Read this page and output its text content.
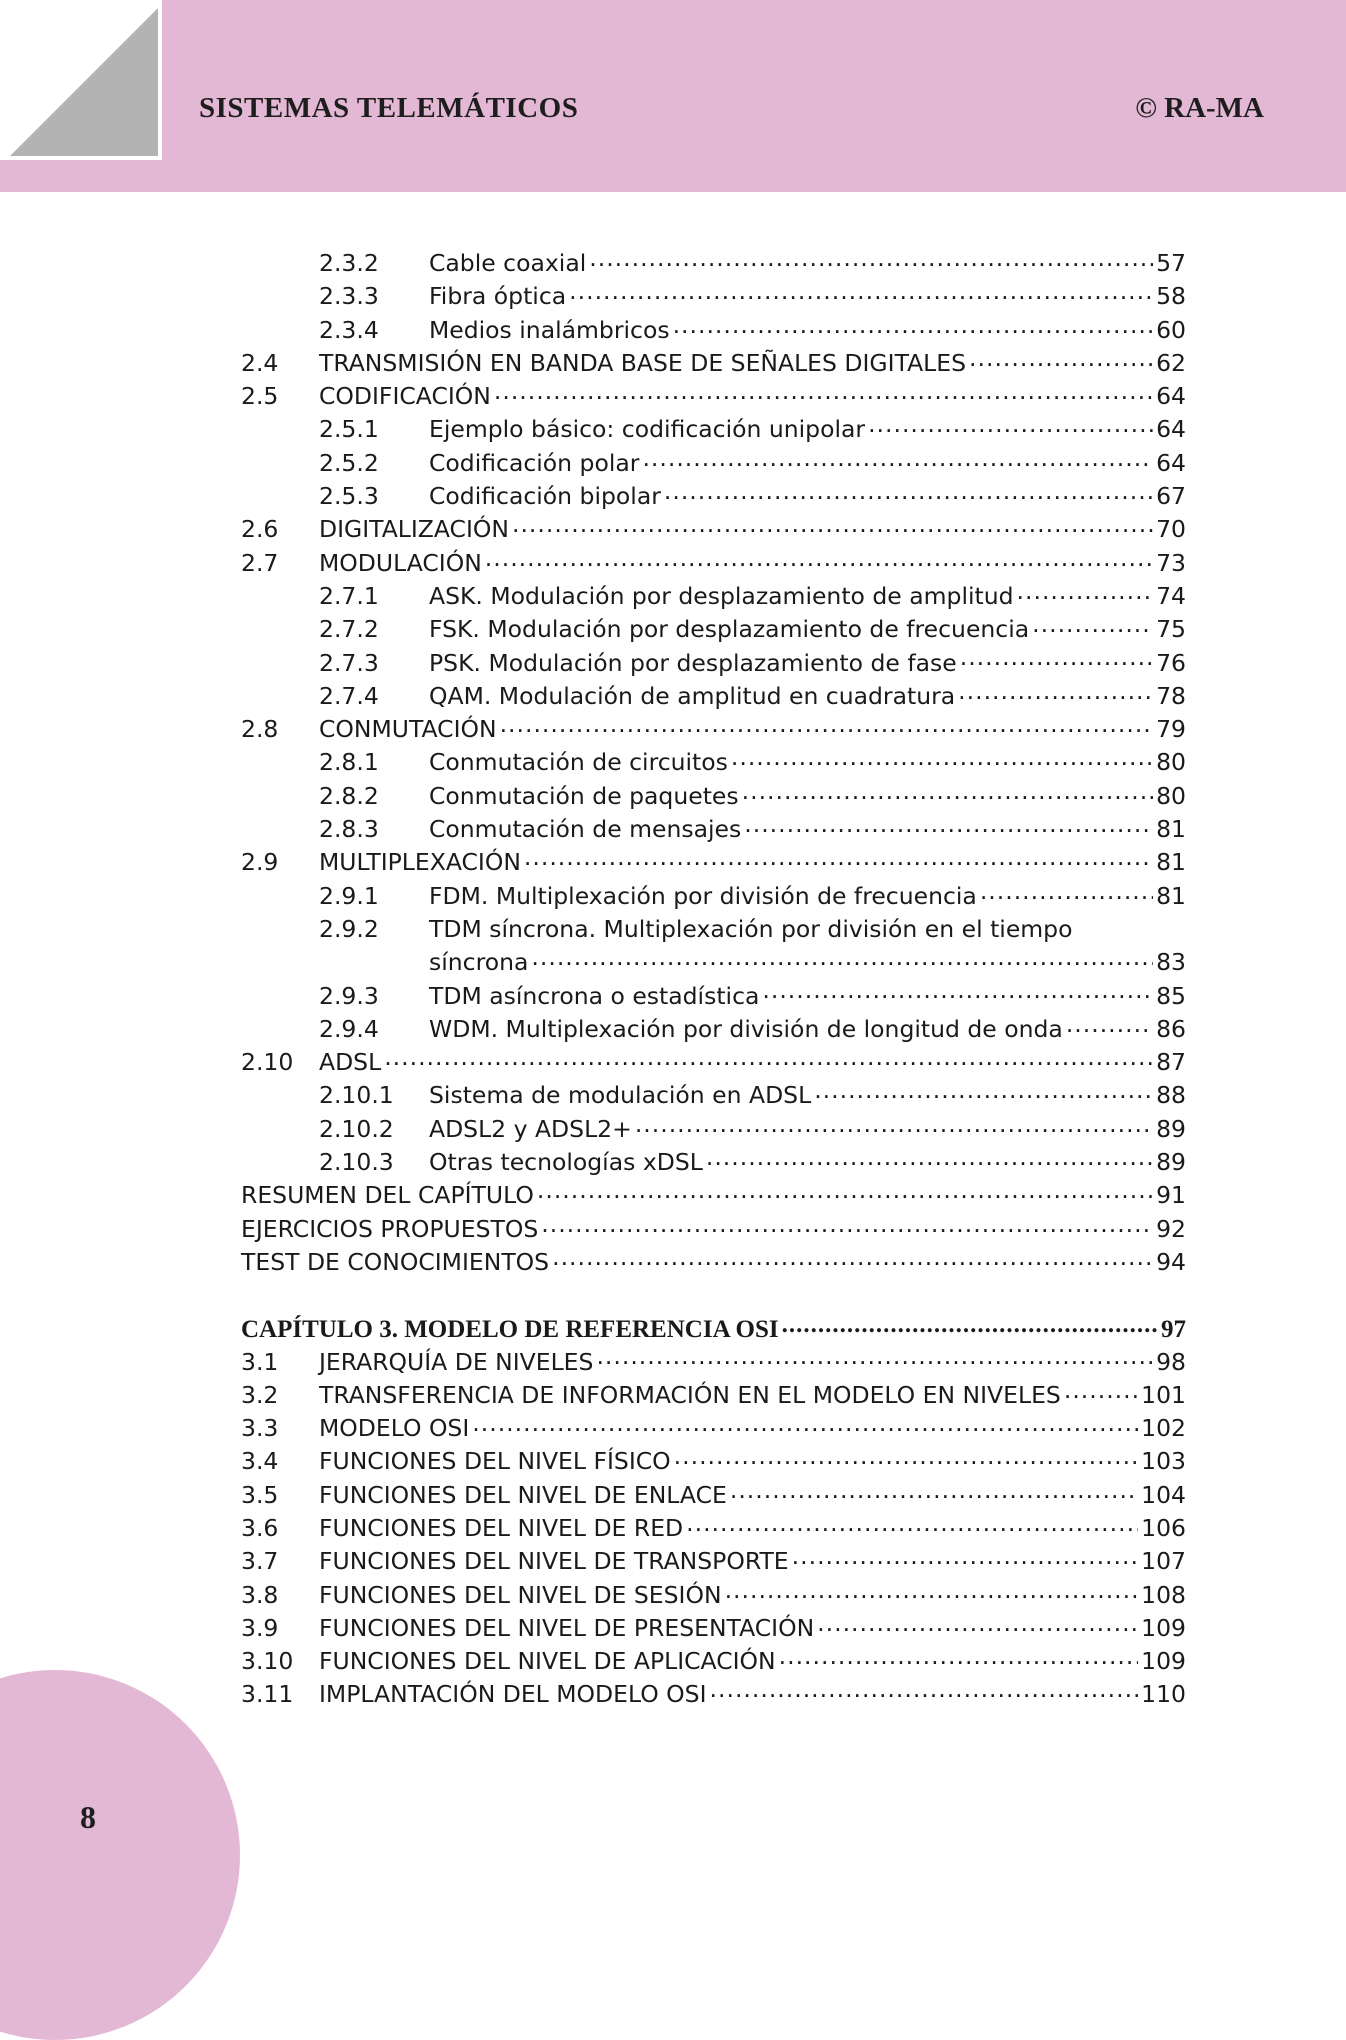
SISTEMAS TELEMÁTICOS	© RA-MA
2.3.2 Cable coaxial .....	57
2.3.3 Fibra óptica .....	58
2.3.4 Medios inalámbricos .....	60
2.4 TRANSMISIÓN EN BANDA BASE DE SEÑALES DIGITALES .....	62
2.5 CODIFICACIÓN .....	64
2.5.1 Ejemplo básico: codificación unipolar .....	64
2.5.2 Codificación polar .....	64
2.5.3 Codificación bipolar .....	67
2.6 DIGITALIZACIÓN .....	70
2.7 MODULACIÓN .....	73
2.7.1 ASK. Modulación por desplazamiento de amplitud .....	74
2.7.2 FSK. Modulación por desplazamiento de frecuencia .....	75
2.7.3 PSK. Modulación por desplazamiento de fase .....	76
2.7.4 QAM. Modulación de amplitud en cuadratura .....	78
2.8 CONMUTACIÓN .....	79
2.8.1 Conmutación de circuitos .....	80
2.8.2 Conmutación de paquetes .....	80
2.8.3 Conmutación de mensajes .....	81
2.9 MULTIPLEXACIÓN .....	81
2.9.1 FDM. Multiplexación por división de frecuencia .....	81
2.9.2 TDM síncrona. Multiplexación por división en el tiempo
síncrona .....	83
2.9.3 TDM asíncrona o estadística .....	85
2.9.4 WDM. Multiplexación por división de longitud de onda .....	86
2.10 ADSL .....	87
2.10.1 Sistema de modulación en ADSL .....	88
2.10.2 ADSL2 y ADSL2+ .....	89
2.10.3 Otras tecnologías xDSL .....	89
RESUMEN DEL CAPÍTULO .....	91
EJERCICIOS PROPUESTOS .....	92
TEST DE CONOCIMIENTOS .....	94
CAPÍTULO 3. MODELO DE REFERENCIA OSI .....	97
3.1 JERARQUÍA DE NIVELES .....	98
3.2 TRANSFERENCIA DE INFORMACIÓN EN EL MODELO EN NIVELES .....	101
3.3 MODELO OSI .....	102
3.4 FUNCIONES DEL NIVEL FÍSICO .....	103
3.5 FUNCIONES DEL NIVEL DE ENLACE .....	104
3.6 FUNCIONES DEL NIVEL DE RED .....	106
3.7 FUNCIONES DEL NIVEL DE TRANSPORTE .....	107
3.8 FUNCIONES DEL NIVEL DE SESIÓN .....	108
3.9 FUNCIONES DEL NIVEL DE PRESENTACIÓN .....	109
3.10 FUNCIONES DEL NIVEL DE APLICACIÓN .....	109
3.11 IMPLANTACIÓN DEL MODELO OSI .....	110
8
